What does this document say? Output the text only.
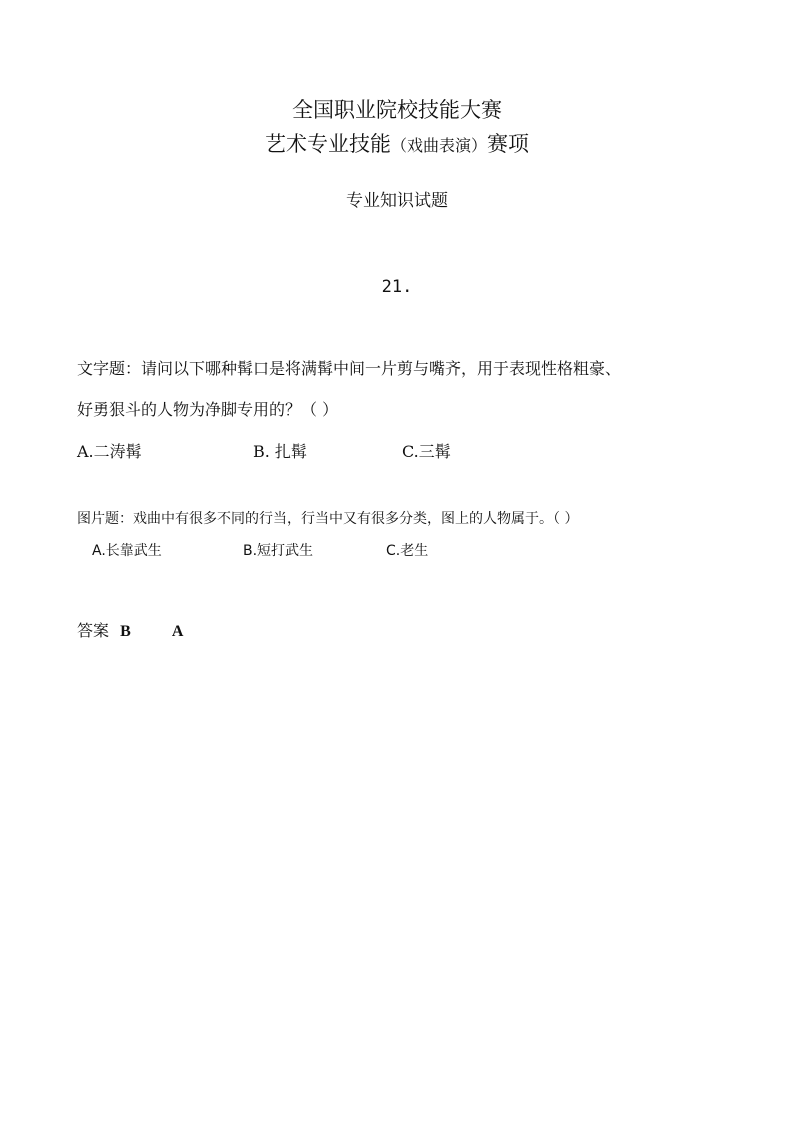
全国职业院校技能大赛
艺术专业技能（戏曲表演）赛项
专业知识试题
21.
文字题：请问以下哪种髯口是将满髯中间一片剪与嘴齐，用于表现性格粗豪、
好勇狠斗的人物为净脚专用的？（ ）
A.二涛髯	B. 扎髯	C.三髯
图片题：戏曲中有很多不同的行当，行当中又有很多分类，图上的人物属于。（ ）
A.长靠武生	B.短打武生	C.老生
答案 B	A
